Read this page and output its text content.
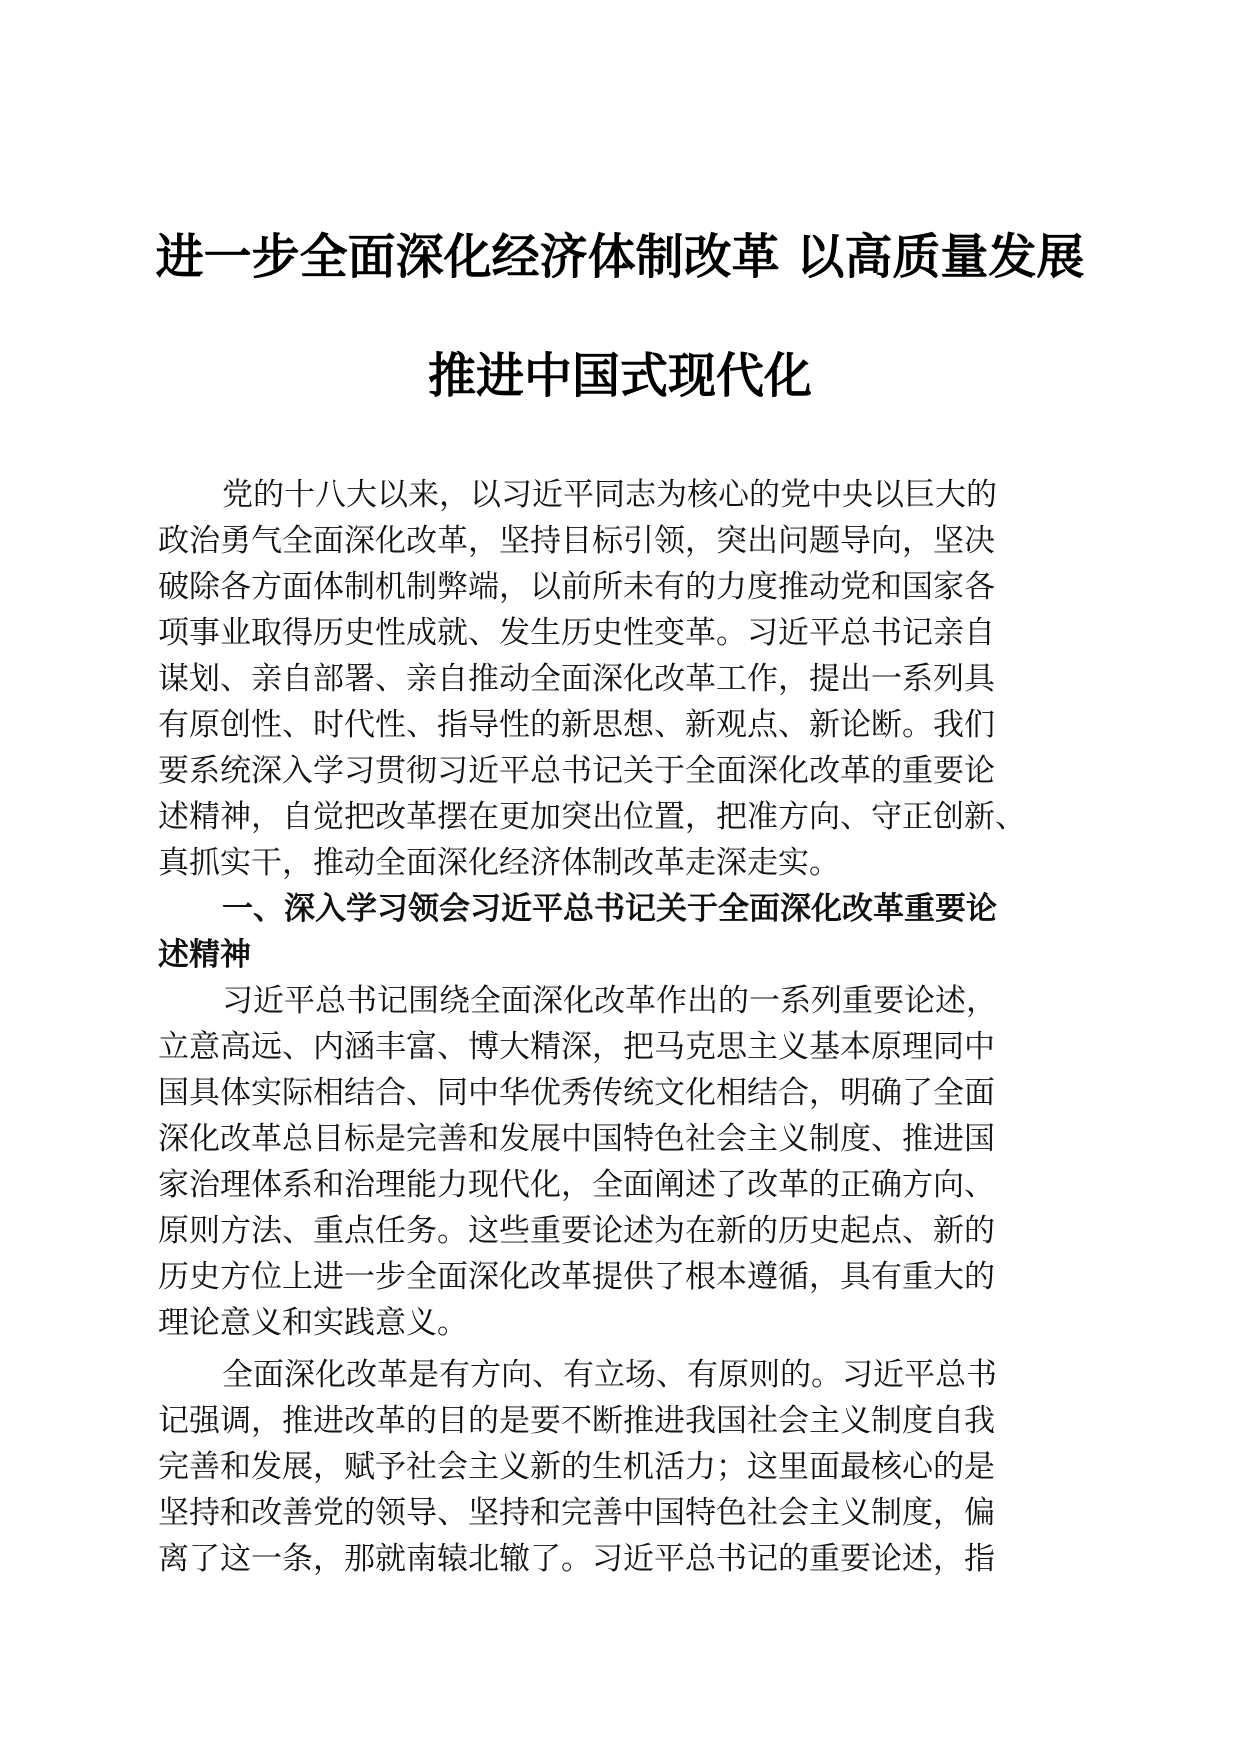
进一步全面深化经济体制改革 以高质量发展
推进中国式现代化
党的十八大以来，以习近平同志为核心的党中央以巨大的
政治勇气全面深化改革，坚持目标引领，突出问题导向，坚决
破除各方面体制机制弊端，以前所未有的力度推动党和国家各
项事业取得历史性成就、发生历史性变革。习近平总书记亲自
谋划、亲自部署、亲自推动全面深化改革工作，提出一系列具
有原创性、时代性、指导性的新思想、新观点、新论断。我们
要系统深入学习贯彻习近平总书记关于全面深化改革的重要论
述精神，自觉把改革摆在更加突出位置，把准方向、守正创新、
真抓实干，推动全面深化经济体制改革走深走实。
一、深入学习领会习近平总书记关于全面深化改革重要论
述精神
习近平总书记围绕全面深化改革作出的一系列重要论述，
立意高远、内涵丰富、博大精深，把马克思主义基本原理同中
国具体实际相结合、同中华优秀传统文化相结合，明确了全面
深化改革总目标是完善和发展中国特色社会主义制度、推进国
家治理体系和治理能力现代化，全面阐述了改革的正确方向、
原则方法、重点任务。这些重要论述为在新的历史起点、新的
历史方位上进一步全面深化改革提供了根本遵循，具有重大的
理论意义和实践意义。
全面深化改革是有方向、有立场、有原则的。习近平总书
记强调，推进改革的目的是要不断推进我国社会主义制度自我
完善和发展，赋予社会主义新的生机活力；这里面最核心的是
坚持和改善党的领导、坚持和完善中国特色社会主义制度，偏
离了这一条，那就南辕北辙了。习近平总书记的重要论述，指
